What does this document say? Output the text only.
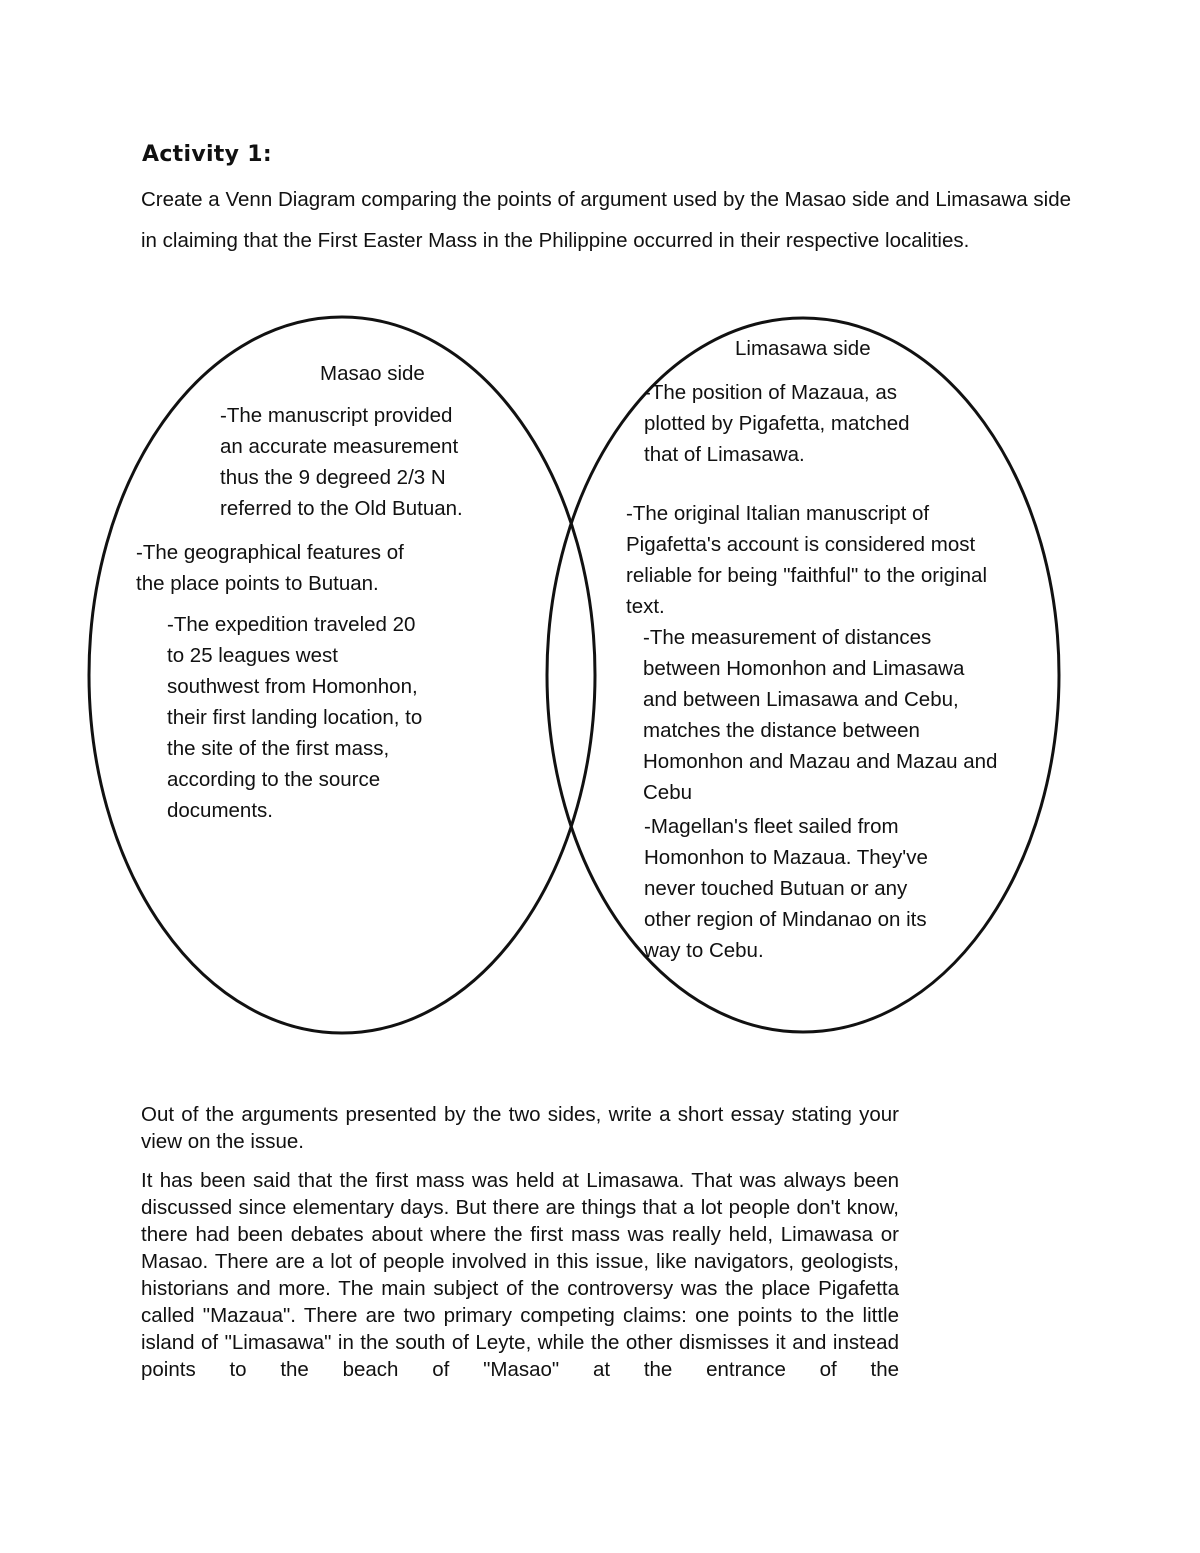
Activity 1:
Create a Venn Diagram comparing the points of argument used by the Masao side and Limasawa side in claiming that the First Easter Mass in the Philippine occurred in their respective localities.
Masao side
-The manuscript provided
an accurate measurement
thus the 9 degreed 2/3 N
referred to the Old Butuan.
-The geographical features of
the place points to Butuan.
-The expedition traveled 20
to 25 leagues west
southwest from Homonhon,
their first landing location, to
the site of the first mass,
according to the source
documents.
Limasawa side
-The position of Mazaua, as
plotted by Pigafetta, matched
that of Limasawa.
-The original Italian manuscript of
Pigafetta's account is considered most
reliable for being "faithful" to the original
text.
-The measurement of distances
between Homonhon and Limasawa
and between Limasawa and Cebu,
matches the distance between
Homonhon and Mazau and Mazau and
Cebu
-Magellan's fleet sailed from
Homonhon to Mazaua. They've
never touched Butuan or any
other region of Mindanao on its
way to Cebu.
Out of the arguments presented by the two sides, write a short essay stating your view on the issue.
It has been said that the first mass was held at Limasawa. That was always been discussed since elementary days. But there are things that a lot people don't know, there had been debates about where the first mass was really held, Limawasa or Masao. There are a lot of people involved in this issue, like navigators, geologists, historians and more. The main subject of the controversy was the place Pigafetta called "Mazaua". There are two primary competing claims: one points to the little island of "Limasawa" in the south of Leyte, while the other dismisses it and instead points to the beach of "Masao" at the entrance of the
